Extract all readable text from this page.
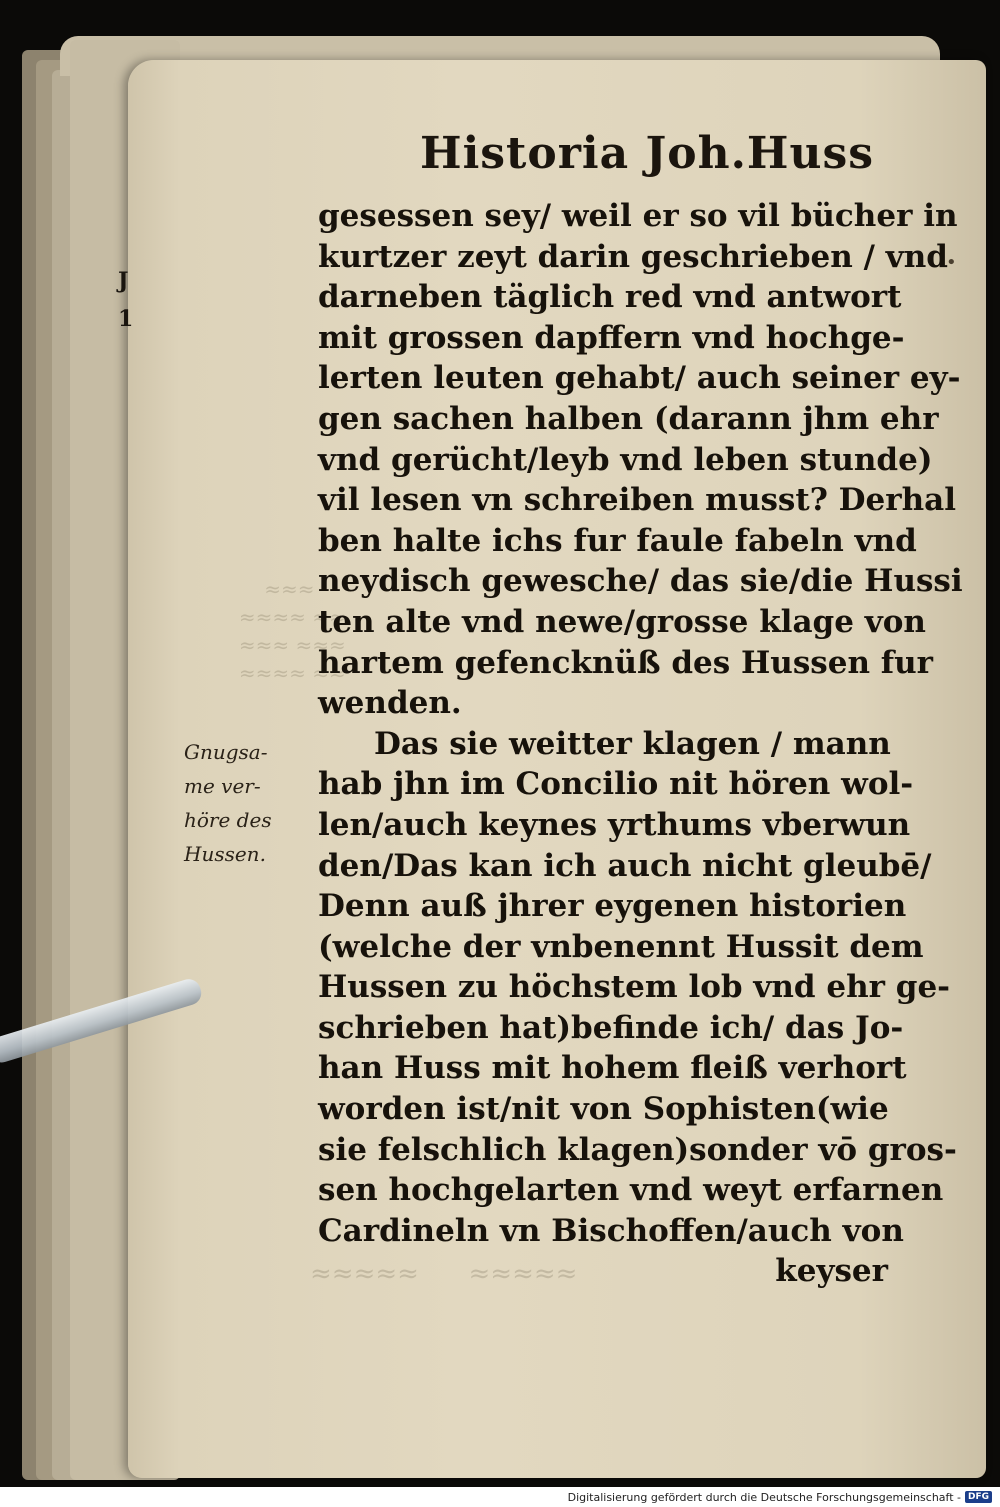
J
1
≈≈≈
≈≈≈≈ ≈≈
≈≈≈ ≈≈≈
≈≈≈≈ ≈≈
≈≈≈≈≈      ≈≈≈≈≈
Historia Joh.Huss
•
Gnugsa-
me ver-
höre des
Hussen.
gesessen sey/ weil er so vil bücher in
kurtzer zeyt darin geschrieben / vnd
darneben täglich red vnd antwort
mit grossen dapffern vnd hochge-
lerten leuten gehabt/ auch seiner ey-
gen sachen halben (darann jhm ehr
vnd gerücht/leyb vnd leben stunde)
vil lesen vn schreiben musst? Derhal
ben halte ichs fur faule fabeln vnd
neydisch gewesche/ das sie/die Hussi
ten alte vnd newe/grosse klage von
hartem gefencknüß des Hussen fur
wenden.
Das sie weitter klagen / mann
hab jhn im Concilio nit hören wol-
len/auch keynes yrthums vberwun
den/Das kan ich auch nicht gleubē/
Denn auß jhrer eygenen historien
(welche der vnbenennt Hussit dem
Hussen zu höchstem lob vnd ehr ge-
schrieben hat)befinde ich/ das Jo-
han Huss mit hohem fleiß verhort
worden ist/nit von Sophisten(wie
sie felschlich klagen)sonder vō gros-
sen hochgelarten vnd weyt erfarnen
Cardineln vn Bischoffen/auch von
keyser
Digitalisierung gefördert durch die Deutsche Forschungsgemeinschaft - DFG
